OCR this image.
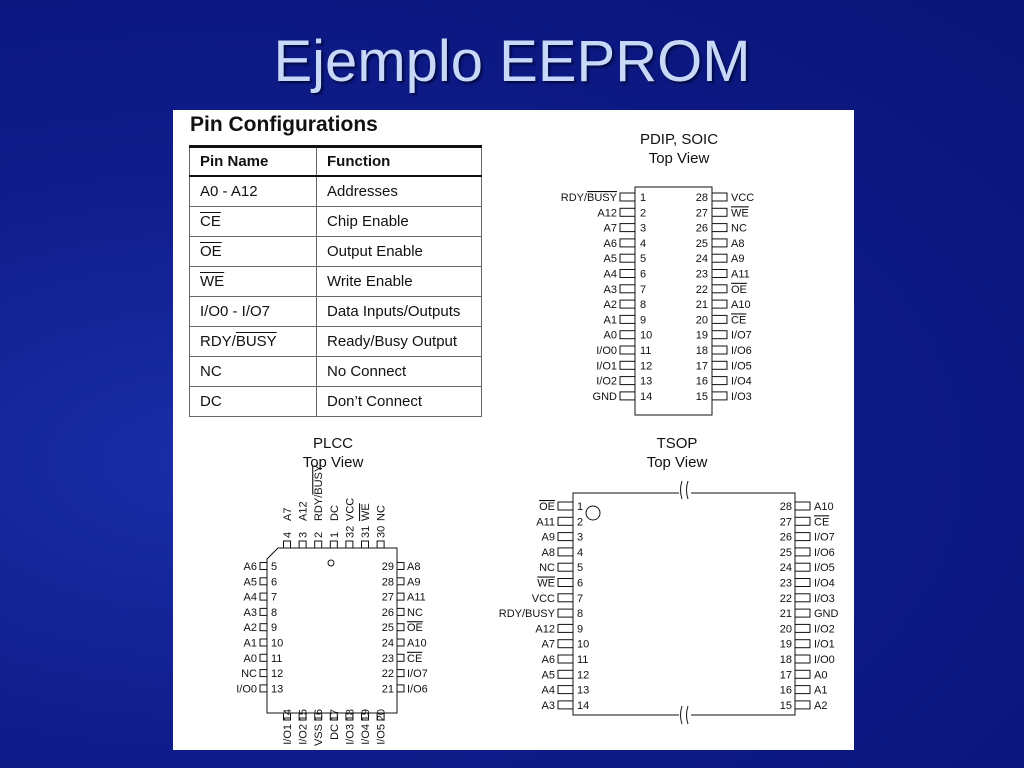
Ejemplo EEPROM
Pin Configurations
Pin Name	Function
A0 - A12	Addresses
$\overline{CE}$	Chip Enable
$\overline{OE}$	Output Enable
$\overline{WE}$	Write Enable
I/O0 - I/O7	Data Inputs/Outputs
RDY/BUSY	Ready/Busy Output
NC	No Connect
DC	Don’t Connect
PDIP, SOIC
Top View
PLCC
Top View
TSOP
Top View
RDY/BUSY 1
A12 2
A7 3
A6 4
A5 5
A4 6
A3 7
A2 8
A1 9
A0 10
I/O0 11
I/O1 12
I/O2 13
GND 14
28 VCC
27 WE
26 NC
25 A8
24 A9
23 A11
22 OE
21 A10
20 CE
19 I/O7
18 I/O6
17 I/O5
16 I/O4
15 I/O3
4
A7
3
A12
2
RDY/BUSY
1
DC
32
VCC
31
WE
30
NC
A6 5
A5 6
A4 7
A3 8
A2 9
A1 10
A0 11
NC 12
I/O0 13
29 A8
28 A9
27 A11
26 NC
25 OE
24 A10
23 CE
22 I/O7
21 I/O6
14
I/O1
15
I/O2
16
VSS
17
DC
18
I/O3
19
I/O4
20
I/O5
OE 1
A11 2
A9 3
A8 4
NC 5
WE 6
VCC 7
RDY/BUSY 8
A12 9
A7 10
A6 11
A5 12
A4 13
A3 14
28 A10
27 CE
26 I/O7
25 I/O6
24 I/O5
23 I/O4
22 I/O3
21 GND
20 I/O2
19 I/O1
18 I/O0
17 A0
16 A1
15 A2
